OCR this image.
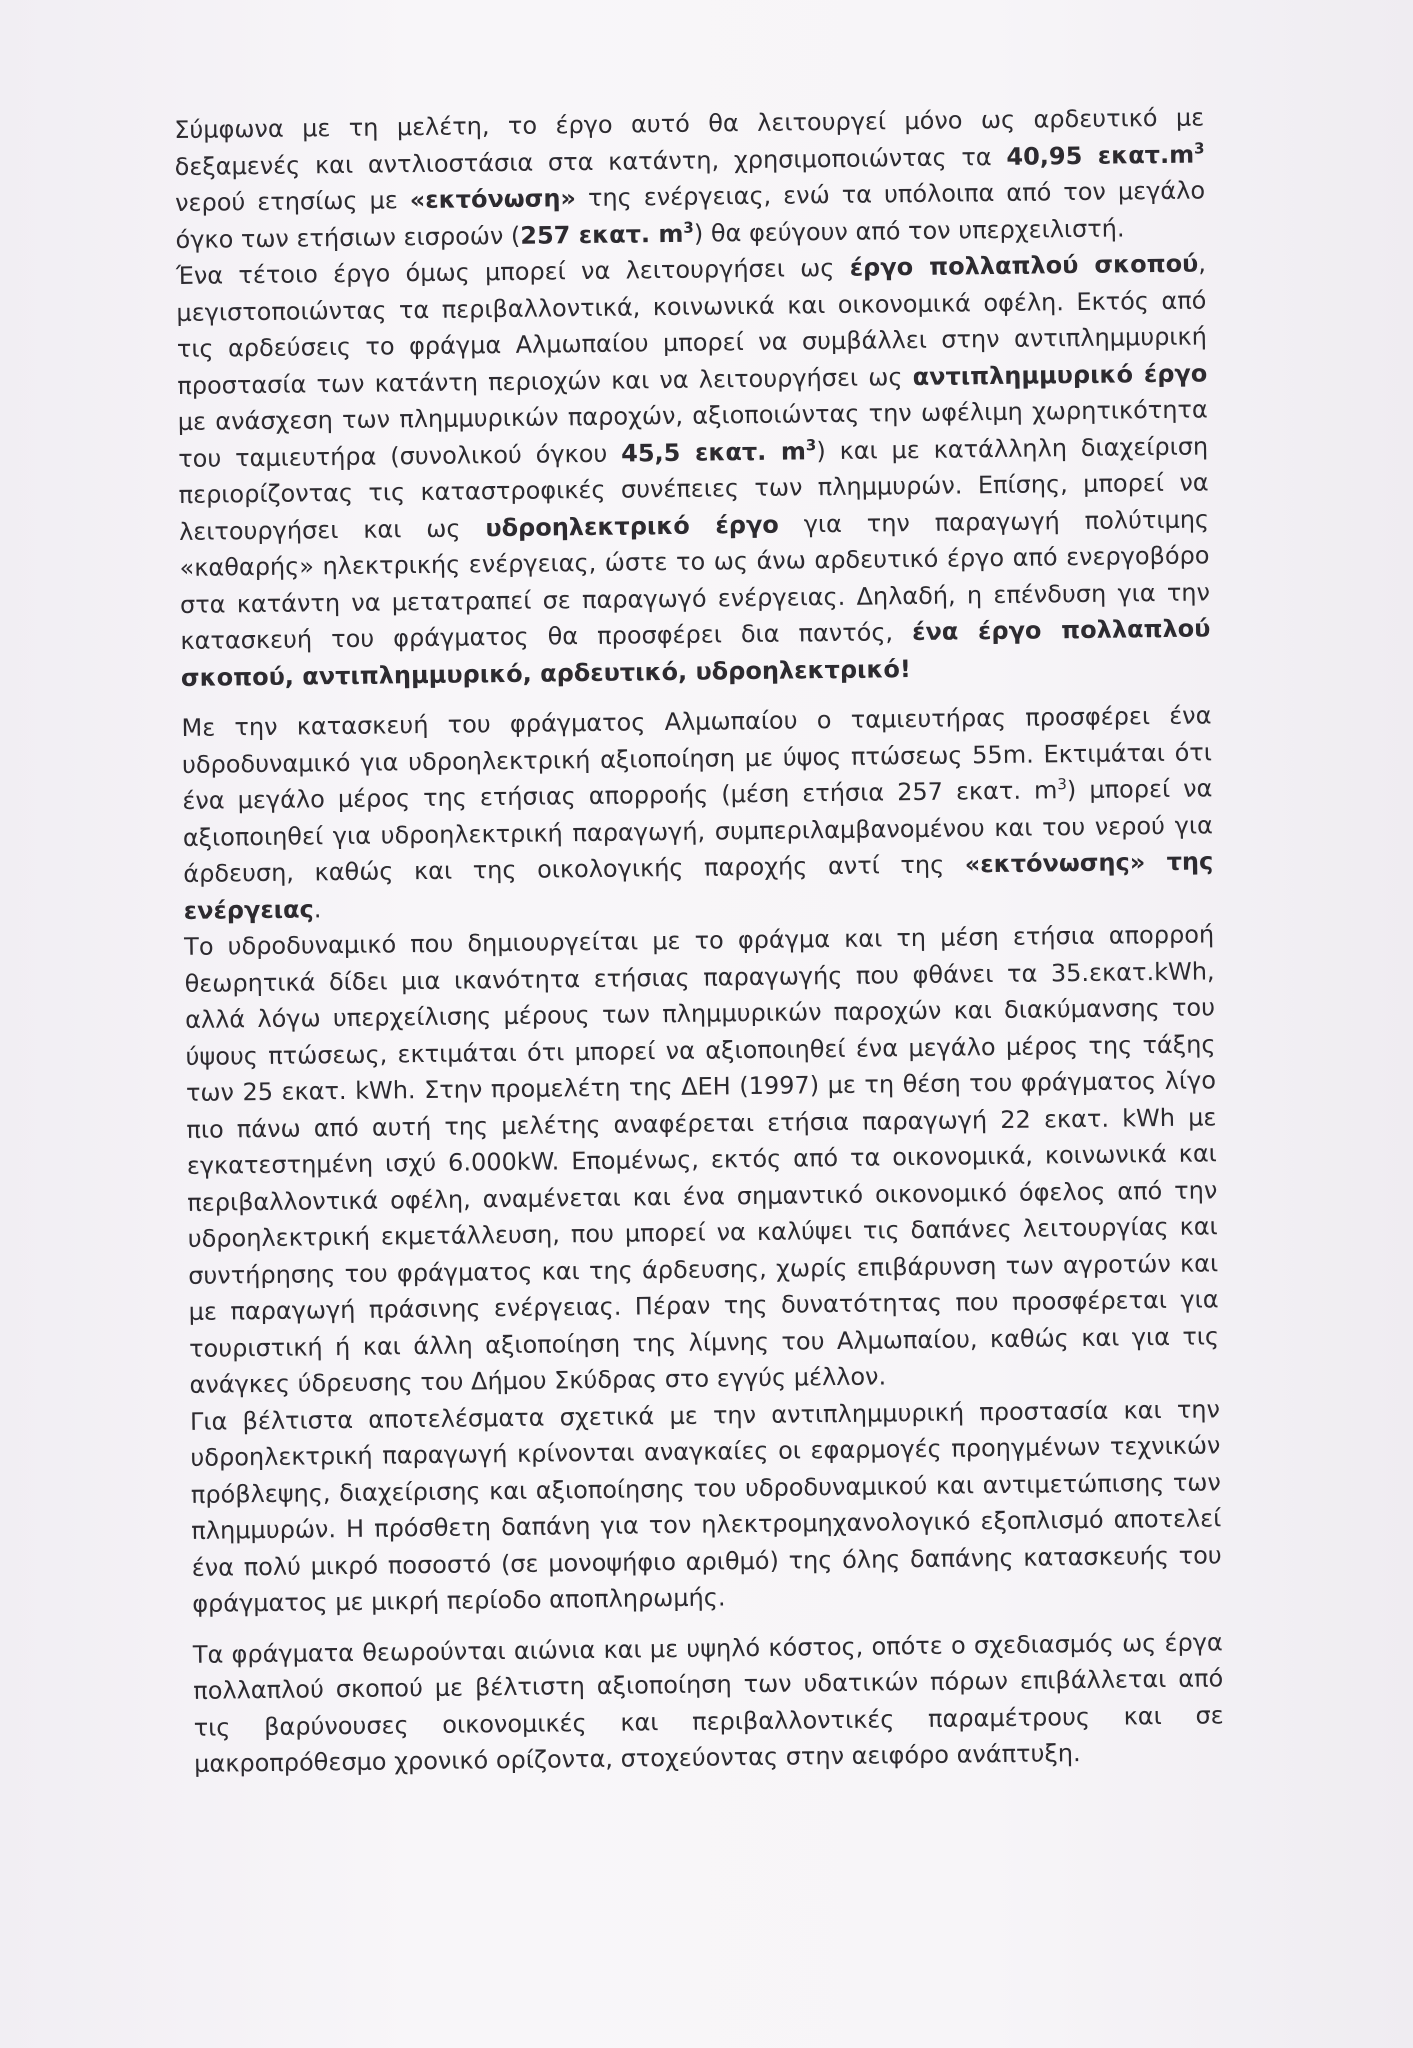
Σύμφωνα με τη μελέτη, το έργο αυτό θα λειτουργεί μόνο ως αρδευτικό με δεξαμενές και αντλιοστάσια στα κατάντη, χρησιμοποιώντας τα 40,95 $\varepsilon\kappa\alpha\tau.m^3$ νερού ετησίως με «εκτόνωση» της ενέργειας, ενώ τα υπόλοιπα από τον μεγάλο όγκο των ετήσιων εισροών (257 εκατ. $m^3$) θα φεύγουν από τον υπερχειλιστή.

Ένα τέτοιο έργο όμως μπορεί να λειτουργήσει ως έργο πολλαπλού σκοπού, μεγιστοποιώντας τα περιβαλλοντικά, κοινωνικά και οικονομικά οφέλη. Εκτός από τις αρδεύσεις το φράγμα Αλμωπαίου μπορεί να συμβάλλει στην αντιπλημμυρική προστασία των κατάντη περιοχών και να λειτουργήσει ως αντιπλημμυρικό έργο με ανάσχεση των πλημμυρικών παροχών, αξιοποιώντας την ωφέλιμη χωρητικότητα του ταμιευτήρα (συνολικού όγκου 45,5 εκατ. $m^3$) και με κατάλληλη διαχείριση περιορίζοντας τις καταστροφικές συνέπειες των πλημμυρών. Επίσης, μπορεί να λειτουργήσει και ως υδροηλεκτρικό έργο για την παραγωγή πολύτιμης «καθαρής» ηλεκτρικής ενέργειας, ώστε το ως άνω αρδευτικό έργο από ενεργοβόρο στα κατάντη να μετατραπεί σε παραγωγό ενέργειας. Δηλαδή, η επένδυση για την κατασκευή του φράγματος θα προσφέρει δια παντός, ένα έργο πολλαπλού σκοπού, αντιπλημμυρικό, αρδευτικό, υδροηλεκτρικό!

Με την κατασκευή του φράγματος Αλμωπαίου ο ταμιευτήρας προσφέρει ένα υδροδυναμικό για υδροηλεκτρική αξιοποίηση με ύψος πτώσεως 55m. Εκτιμάται ότι ένα μεγάλο μέρος της ετήσιας απορροής (μέση ετήσια 257 εκατ. $m^3$) μπορεί να αξιοποιηθεί για υδροηλεκτρική παραγωγή, συμπεριλαμβανομένου και του νερού για άρδευση, καθώς και της οικολογικής παροχής αντί της «εκτόνωσης» της ενέργειας.

Το υδροδυναμικό που δημιουργείται με το φράγμα και τη μέση ετήσια απορροή θεωρητικά δίδει μια ικανότητα ετήσιας παραγωγής που φθάνει τα 35.εκατ.kWh, αλλά λόγω υπερχείλισης μέρους των πλημμυρικών παροχών και διακύμανσης του ύψους πτώσεως, εκτιμάται ότι μπορεί να αξιοποιηθεί ένα μεγάλο μέρος της τάξης των 25 εκατ. kWh. Στην προμελέτη της ΔΕΗ (1997) με τη θέση του φράγματος λίγο πιο πάνω από αυτή της μελέτης αναφέρεται ετήσια παραγωγή 22 εκατ. kWh με εγκατεστημένη ισχύ 6.000kW. Επομένως, εκτός από τα οικονομικά, κοινωνικά και περιβαλλοντικά οφέλη, αναμένεται και ένα σημαντικό οικονομικό όφελος από την υδροηλεκτρική εκμετάλλευση, που μπορεί να καλύψει τις δαπάνες λειτουργίας και συντήρησης του φράγματος και της άρδευσης, χωρίς επιβάρυνση των αγροτών και με παραγωγή πράσινης ενέργειας. Πέραν της δυνατότητας που προσφέρεται για τουριστική ή και άλλη αξιοποίηση της λίμνης του Αλμωπαίου, καθώς και για τις ανάγκες ύδρευσης του Δήμου Σκύδρας στο εγγύς μέλλον.

Για βέλτιστα αποτελέσματα σχετικά με την αντιπλημμυρική προστασία και την υδροηλεκτρική παραγωγή κρίνονται αναγκαίες οι εφαρμογές προηγμένων τεχνικών πρόβλεψης, διαχείρισης και αξιοποίησης του υδροδυναμικού και αντιμετώπισης των πλημμυρών. Η πρόσθετη δαπάνη για τον ηλεκτρομηχανολογικό εξοπλισμό αποτελεί ένα πολύ μικρό ποσοστό (σε μονοψήφιο αριθμό) της όλης δαπάνης κατασκευής του φράγματος με μικρή περίοδο αποπληρωμής.

Τα φράγματα θεωρούνται αιώνια και με υψηλό κόστος, οπότε ο σχεδιασμός ως έργα πολλαπλού σκοπού με βέλτιστη αξιοποίηση των υδατικών πόρων επιβάλλεται από τις βαρύνουσες οικονομικές και περιβαλλοντικές παραμέτρους και σε μακροπρόθεσμο χρονικό ορίζοντα, στοχεύοντας στην αειφόρο ανάπτυξη.
